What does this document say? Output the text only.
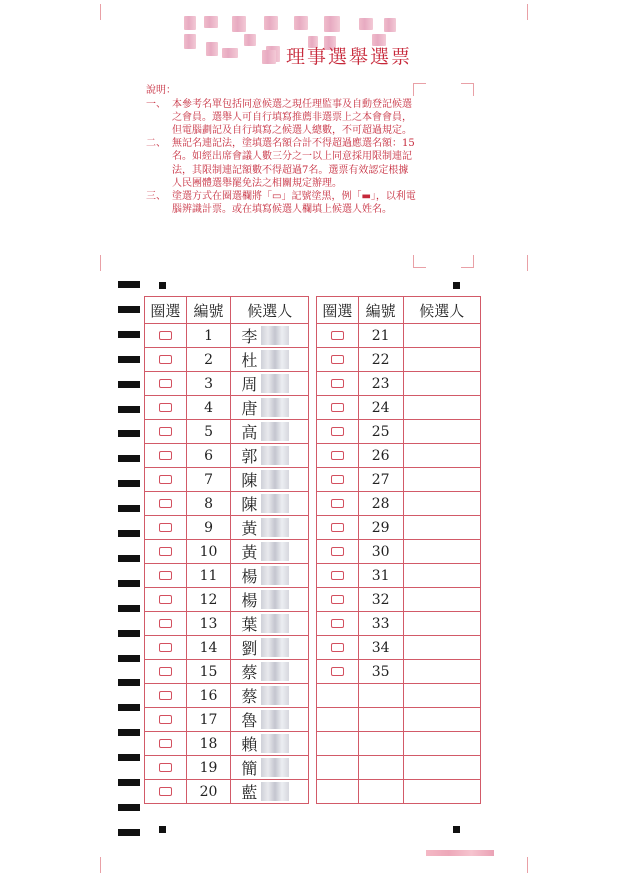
理事選舉選票
說明：
一、 本參考名單包括同意候選之現任理監事及自動登記候選之會員。選舉人可自行填寫推薦非選票上之本會會員，但電腦劃記及自行填寫之候選人總數，不可超過規定。
二、 無記名連記法，塗填選名額合計不得超過應選名額：15名。如經出席會議人數三分之一以上同意採用限制連記法，其限制連記額數不得超過7名。選票有效認定根據人民團體選舉罷免法之相關規定辦理。
三、 塗選方式在圈選欄將「▭」記號塗黑，例「▬」，以利電腦辨識計票。或在填寫候選人欄填上候選人姓名。
圈選	編號	候選人
	1	李
	2	杜
	3	周
	4	唐
	5	高
	6	郭
	7	陳
	8	陳
	9	黃
	10	黃
	11	楊
	12	楊
	13	葉
	14	劉
	15	蔡
	16	蔡
	17	魯
	18	賴
	19	簡
	20	藍
圈選	編號	候選人
	21	
	22	
	23	
	24	
	25	
	26	
	27	
	28	
	29	
	30	
	31	
	32	
	33	
	34	
	35	
